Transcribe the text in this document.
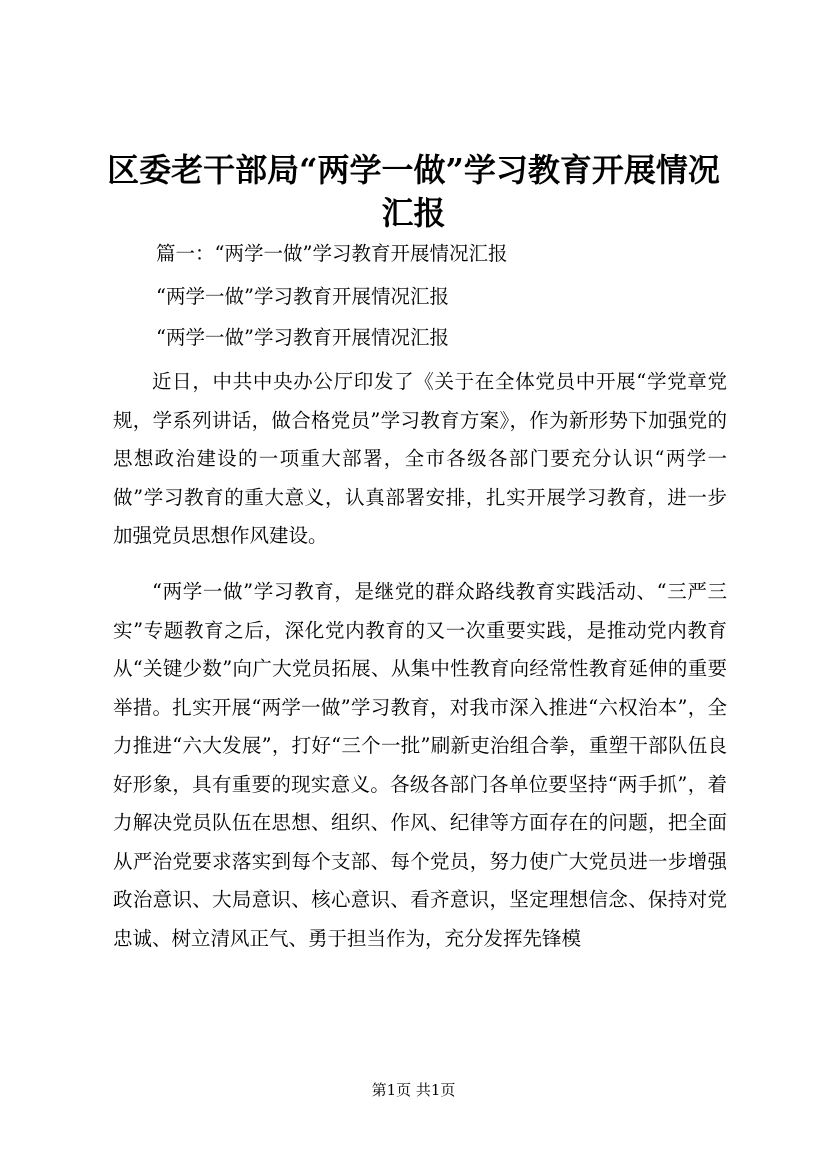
区委老干部局“两学一做”学习教育开展情况
汇报

篇一：“两学一做”学习教育开展情况汇报

“两学一做”学习教育开展情况汇报

“两学一做”学习教育开展情况汇报

近日，中共中央办公厅印发了《关于在全体党员中开展“学党章党规，学系列讲话，做合格党员”学习教育方案》，作为新形势下加强党的思想政治建设的一项重大部署，全市各级各部门要充分认识“两学一做”学习教育的重大意义，认真部署安排，扎实开展学习教育，进一步加强党员思想作风建设。

“两学一做”学习教育，是继党的群众路线教育实践活动、“三严三实”专题教育之后，深化党内教育的又一次重要实践，是推动党内教育从“关键少数”向广大党员拓展、从集中性教育向经常性教育延伸的重要举措。扎实开展“两学一做”学习教育，对我市深入推进“六权治本”，全力推进“六大发展”，打好“三个一批”刷新吏治组合拳，重塑干部队伍良好形象，具有重要的现实意义。各级各部门各单位要坚持“两手抓”，着力解决党员队伍在思想、组织、作风、纪律等方面存在的问题，把全面从严治党要求落实到每个支部、每个党员，努力使广大党员进一步增强政治意识、大局意识、核心意识、看齐意识，坚定理想信念、保持对党忠诚、树立清风正气、勇于担当作为，充分发挥先锋模

第1页 共1页
